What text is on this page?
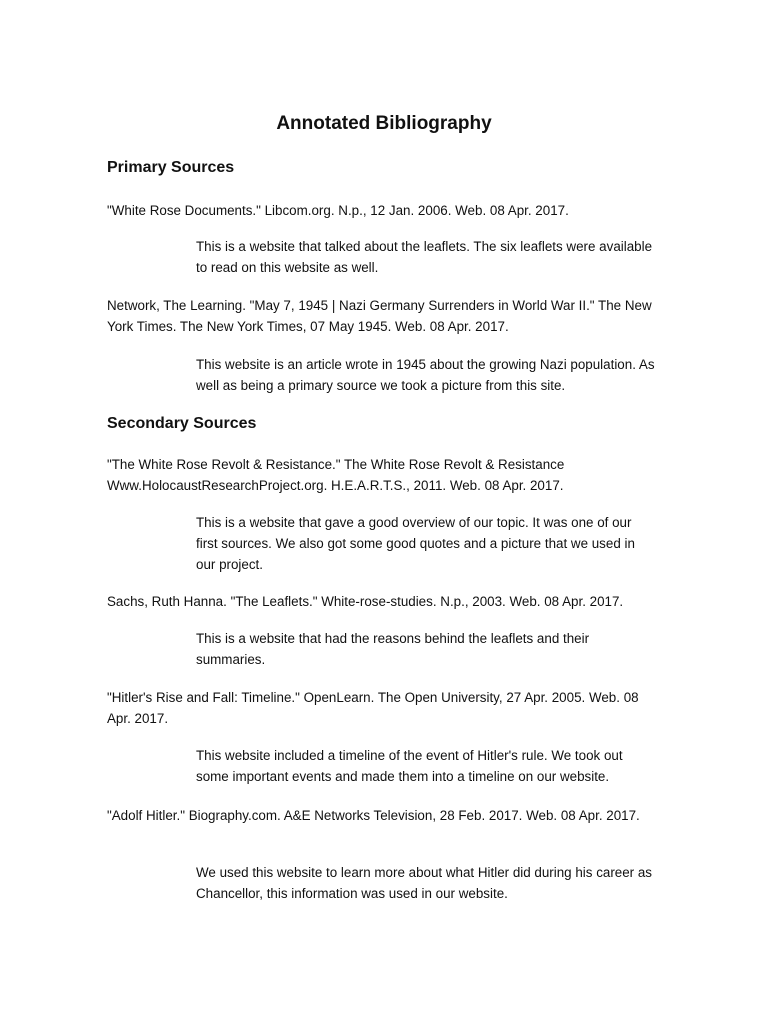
Annotated Bibliography
Primary Sources

"White Rose Documents." Libcom.org. N.p., 12 Jan. 2006. Web. 08 Apr. 2017.

This is a website that talked about the leaflets. The six leaflets were available to read on this website as well.

Network, The Learning. "May 7, 1945 | Nazi Germany Surrenders in World War II." The New York Times. The New York Times, 07 May 1945. Web. 08 Apr. 2017.

This website is an article wrote in 1945 about the growing Nazi population. As well as being a primary source we took a picture from this site.

Secondary Sources

"The White Rose Revolt & Resistance." The White Rose Revolt & Resistance Www.HolocaustResearchProject.org. H.E.A.R.T.S., 2011. Web. 08 Apr. 2017.

This is a website that gave a good overview of our topic. It was one of our first sources. We also got some good quotes and a picture that we used in our project.

Sachs, Ruth Hanna. "The Leaflets." White-rose-studies. N.p., 2003. Web. 08 Apr. 2017.

This is a website that had the reasons behind the leaflets and their summaries.

"Hitler's Rise and Fall: Timeline." OpenLearn. The Open University, 27 Apr. 2005. Web. 08 Apr. 2017.

This website included a timeline of the event of Hitler's rule. We took out some important events and made them into a timeline on our website.

"Adolf Hitler." Biography.com. A&E Networks Television, 28 Feb. 2017. Web. 08 Apr. 2017.

We used this website to learn more about what Hitler did during his career as Chancellor, this information was used in our website.
